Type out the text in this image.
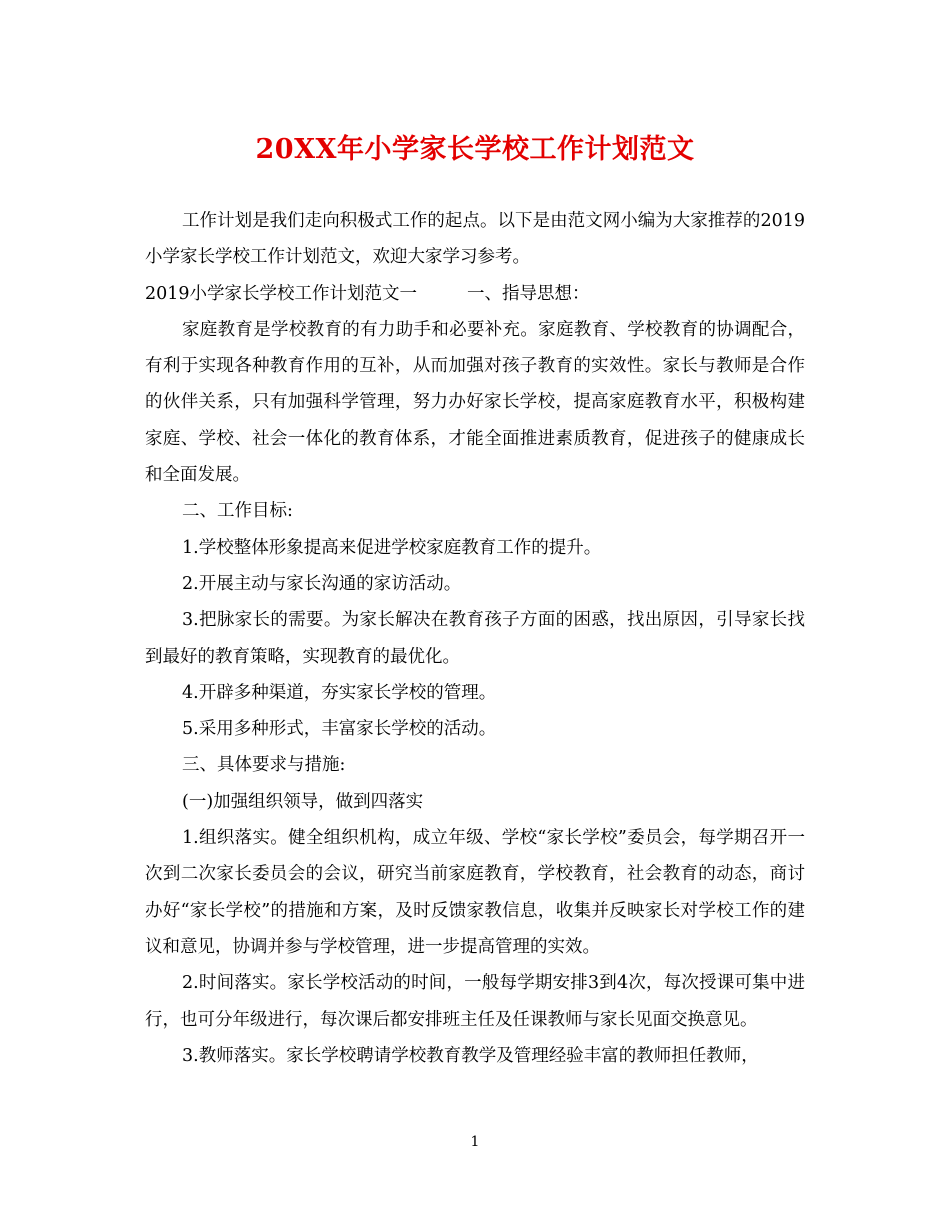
20XX年小学家长学校工作计划范文

工作计划是我们走向积极式工作的起点。以下是由范文网小编为大家推荐的2019小学家长学校工作计划范文，欢迎大家学习参考。

2019小学家长学校工作计划范文一	一、指导思想：

家庭教育是学校教育的有力助手和必要补充。家庭教育、学校教育的协调配合，有利于实现各种教育作用的互补，从而加强对孩子教育的实效性。家长与教师是合作的伙伴关系，只有加强科学管理，努力办好家长学校，提高家庭教育水平，积极构建家庭、学校、社会一体化的教育体系，才能全面推进素质教育，促进孩子的健康成长和全面发展。

二、工作目标:

1.学校整体形象提高来促进学校家庭教育工作的提升。

2.开展主动与家长沟通的家访活动。

3.把脉家长的需要。为家长解决在教育孩子方面的困惑，找出原因，引导家长找到最好的教育策略，实现教育的最优化。

4.开辟多种渠道，夯实家长学校的管理。

5.采用多种形式，丰富家长学校的活动。

三、具体要求与措施:

(一)加强组织领导，做到四落实

1.组织落实。健全组织机构，成立年级、学校“家长学校”委员会，每学期召开一次到二次家长委员会的会议，研究当前家庭教育，学校教育，社会教育的动态，商讨办好“家长学校”的措施和方案，及时反馈家教信息，收集并反映家长对学校工作的建议和意见，协调并参与学校管理，进一步提高管理的实效。

2.时间落实。家长学校活动的时间，一般每学期安排3到4次，每次授课可集中进行，也可分年级进行，每次课后都安排班主任及任课教师与家长见面交换意见。

3.教师落实。家长学校聘请学校教育教学及管理经验丰富的教师担任教师，

1
